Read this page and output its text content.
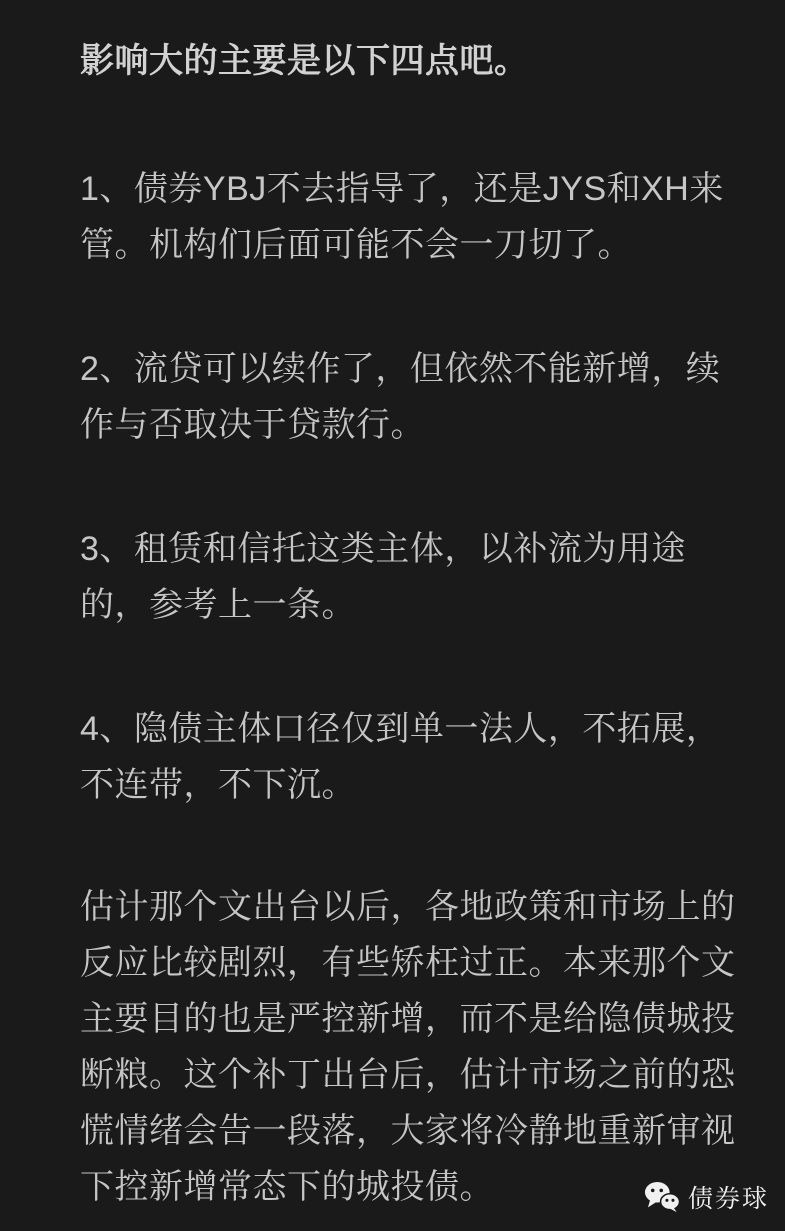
影响大的主要是以下四点吧。

1、债券YBJ不去指导了，还是JYS和XH来管。机构们后面可能不会一刀切了。

2、流贷可以续作了，但依然不能新增，续作与否取决于贷款行。

3、租赁和信托这类主体，以补流为用途的，参考上一条。

4、隐债主体口径仅到单一法人，不拓展，不连带，不下沉。

估计那个文出台以后，各地政策和市场上的反应比较剧烈，有些矫枉过正。本来那个文主要目的也是严控新增，而不是给隐债城投断粮。这个补丁出台后，估计市场之前的恐慌情绪会告一段落，大家将冷静地重新审视下控新增常态下的城投债。	债券球
